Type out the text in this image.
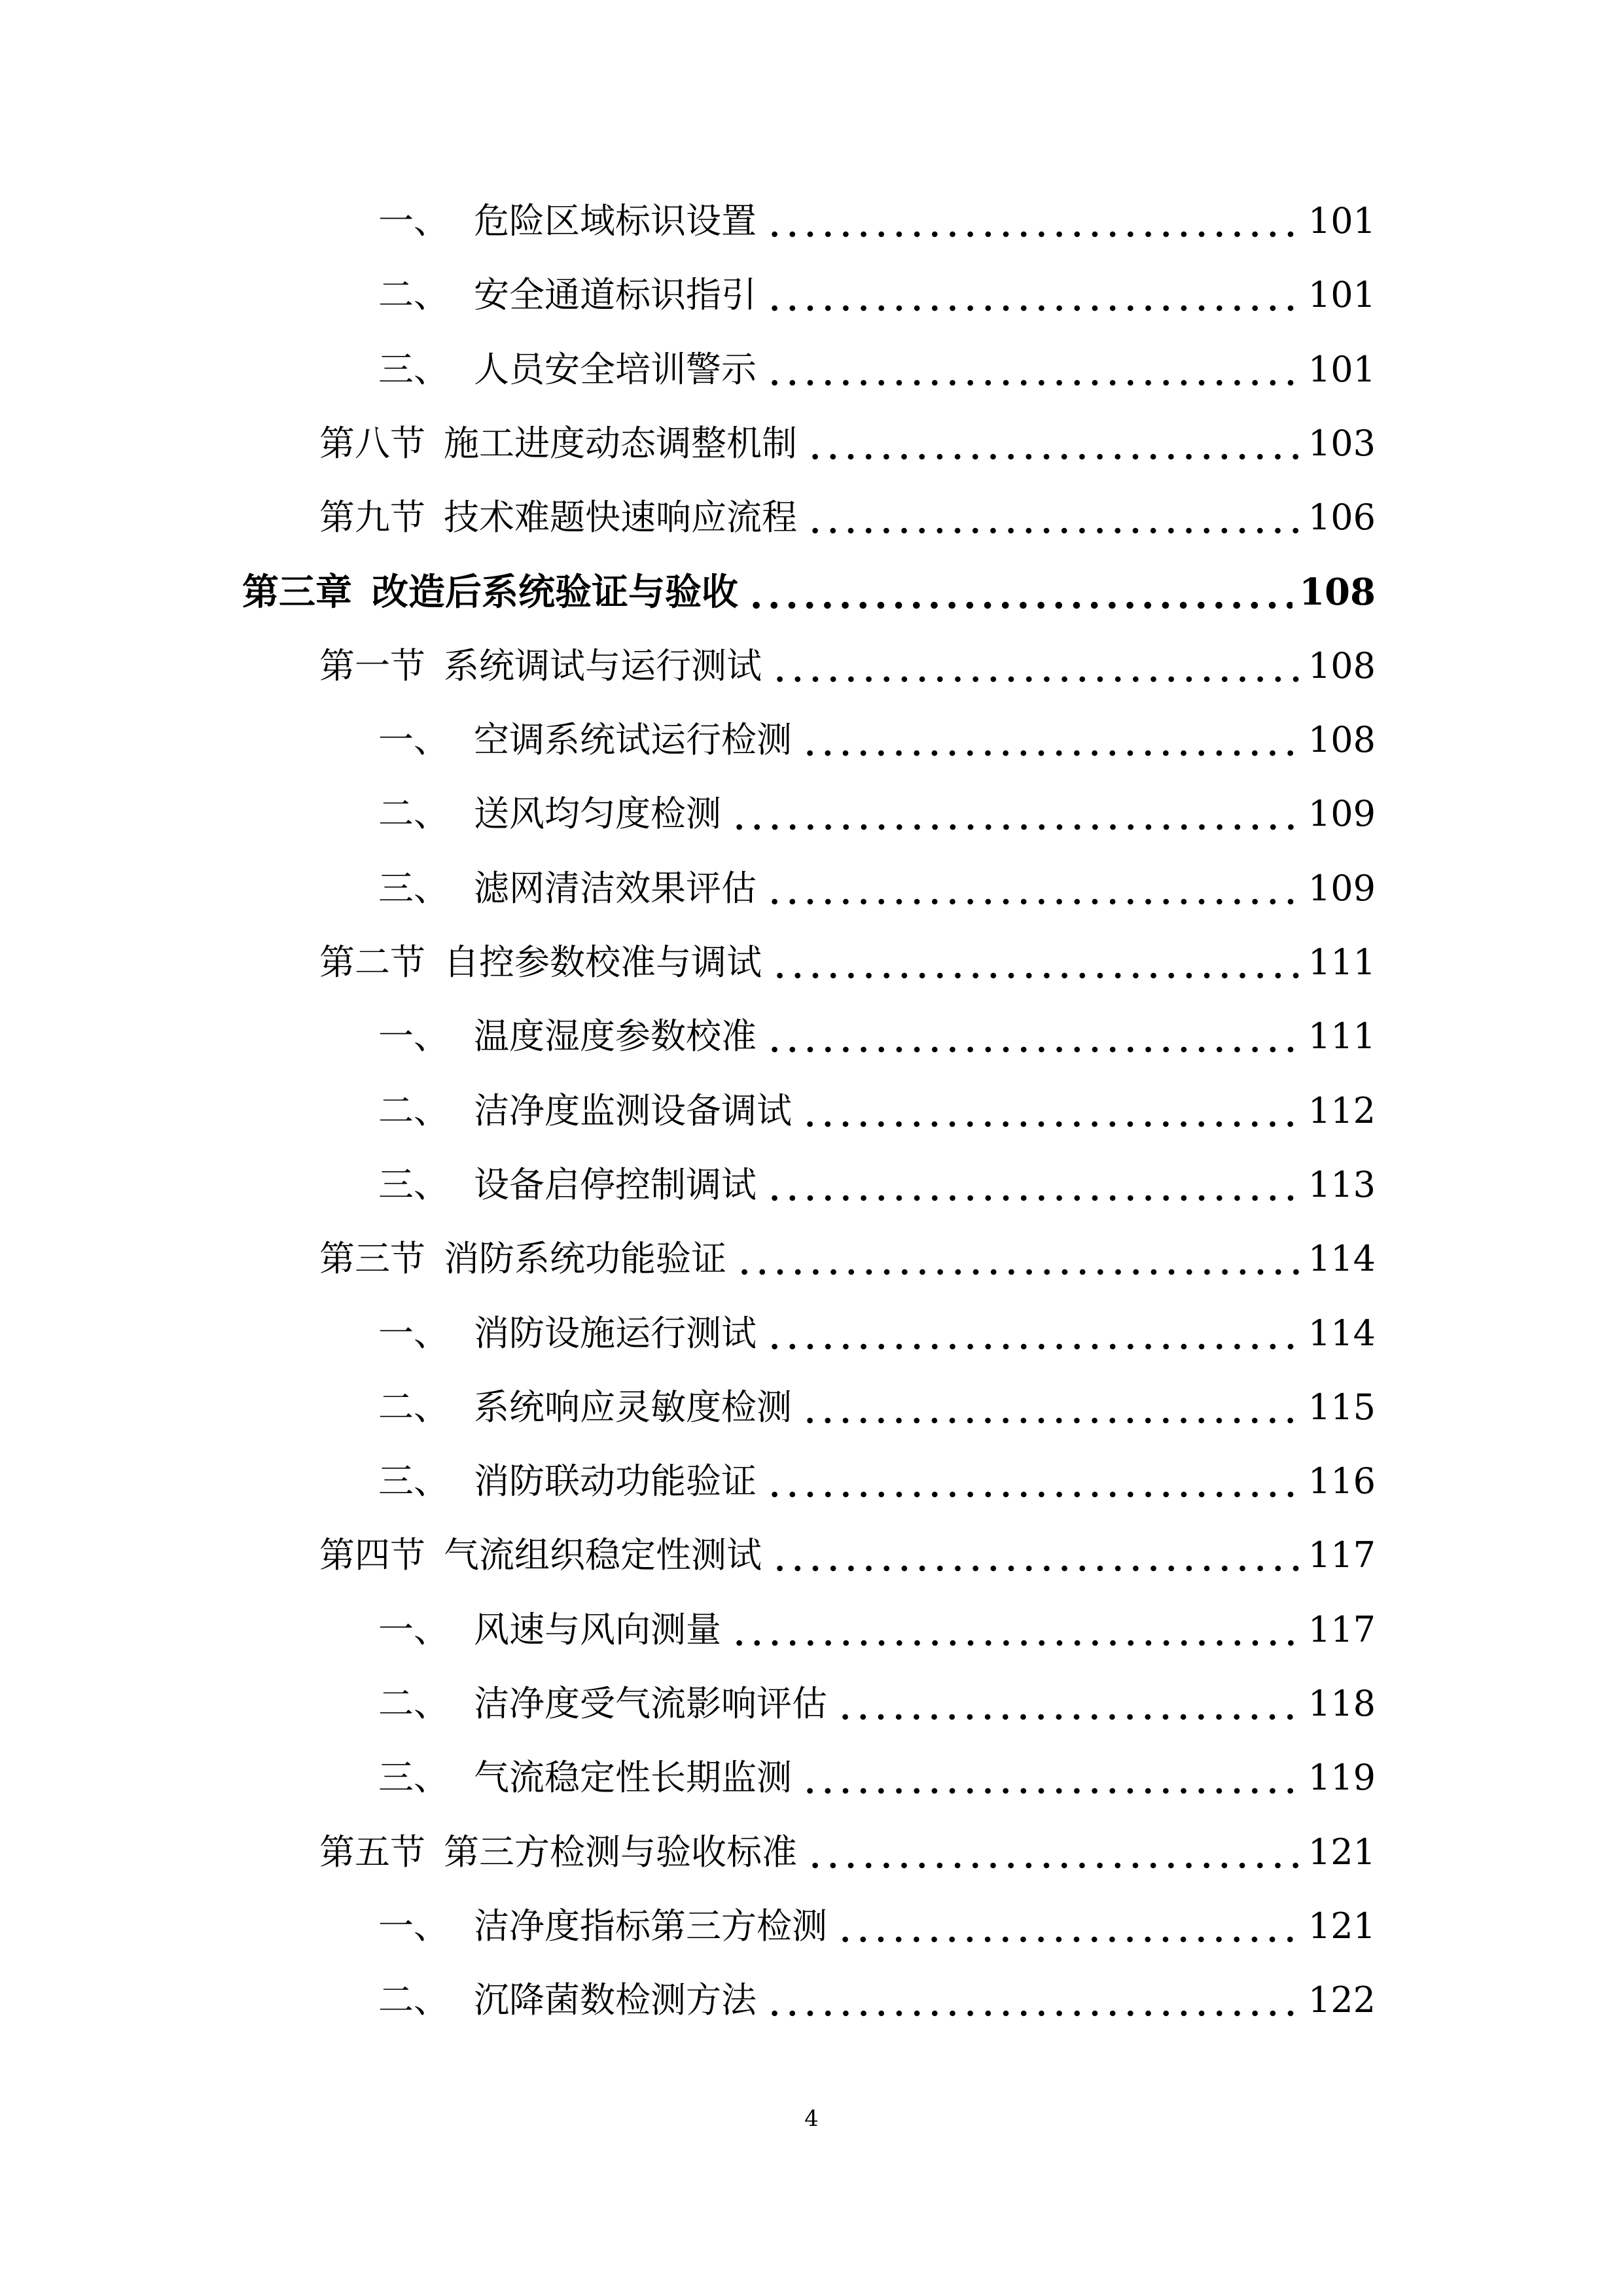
一、 危险区域标识设置	101
二、 安全通道标识指引	101
三、 人员安全培训警示	101
第八节 施工进度动态调整机制	103
第九节 技术难题快速响应流程	106
第三章 改造后系统验证与验收	108
第一节 系统调试与运行测试	108
一、 空调系统试运行检测	108
二、 送风均匀度检测	109
三、 滤网清洁效果评估	109
第二节 自控参数校准与调试	111
一、 温度湿度参数校准	111
二、 洁净度监测设备调试	112
三、 设备启停控制调试	113
第三节 消防系统功能验证	114
一、 消防设施运行测试	114
二、 系统响应灵敏度检测	115
三、 消防联动功能验证	116
第四节 气流组织稳定性测试	117
一、 风速与风向测量	117
二、 洁净度受气流影响评估	118
三、 气流稳定性长期监测	119
第五节 第三方检测与验收标准	121
一、 洁净度指标第三方检测	121
二、 沉降菌数检测方法	122
4
